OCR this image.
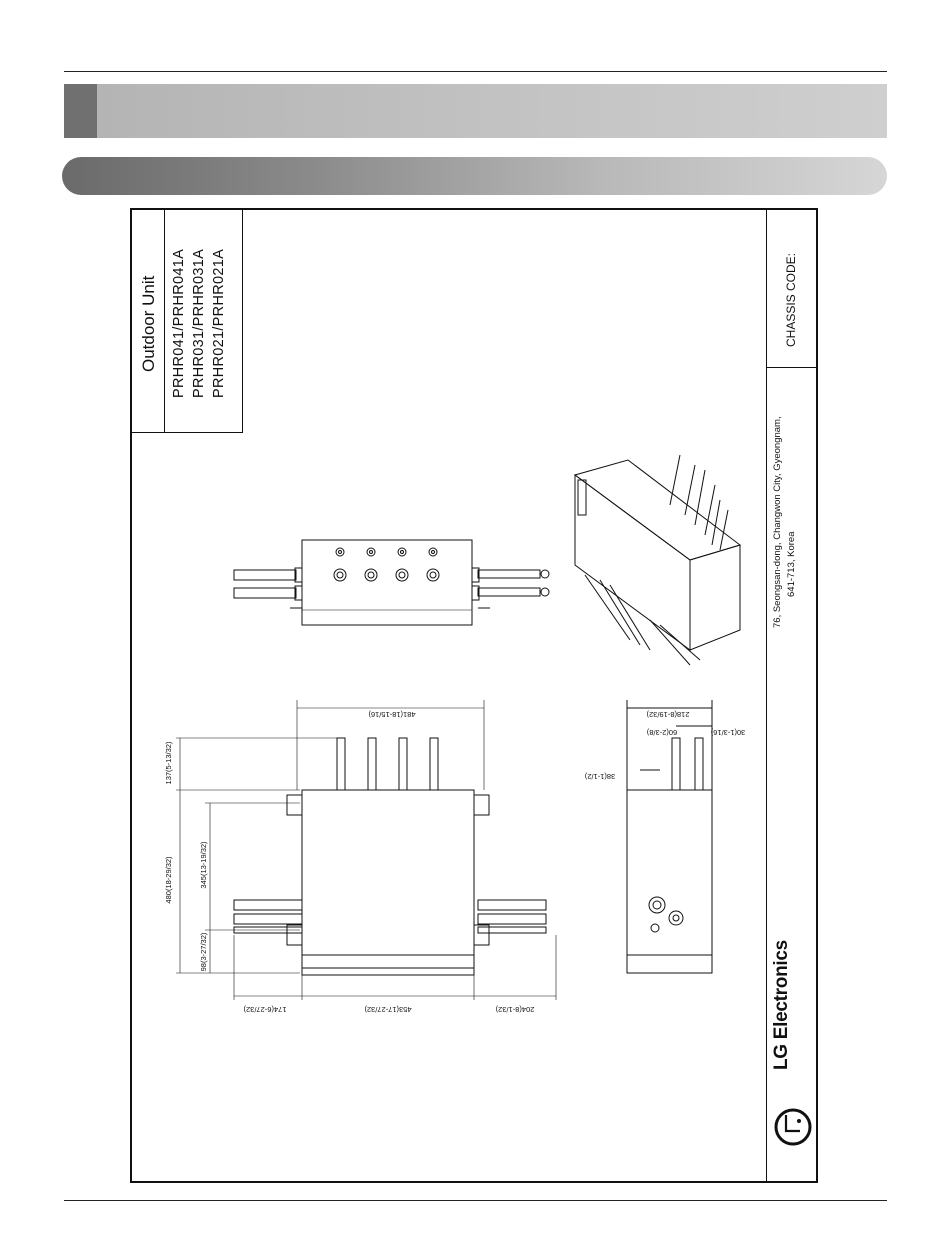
Outdoor Unit PRHR041/PRHR041A PRHR031/PRHR031A PRHR021/PRHR021A	CHASSIS CODE:
76, Seongsan-dong, Changwon City, Gyeongnam, 641-713, Korea
481(18-15/16)
137(5-13/32)
480(18-29/32)	345(13-19/32)
98(3-27/32)
174(6-27/32)	453(17-27/32)	204(8-1/32)
218(8-19/32)
60(2-3/8)	30(1-3/16)
38(1-1/2)
LG Electronics
